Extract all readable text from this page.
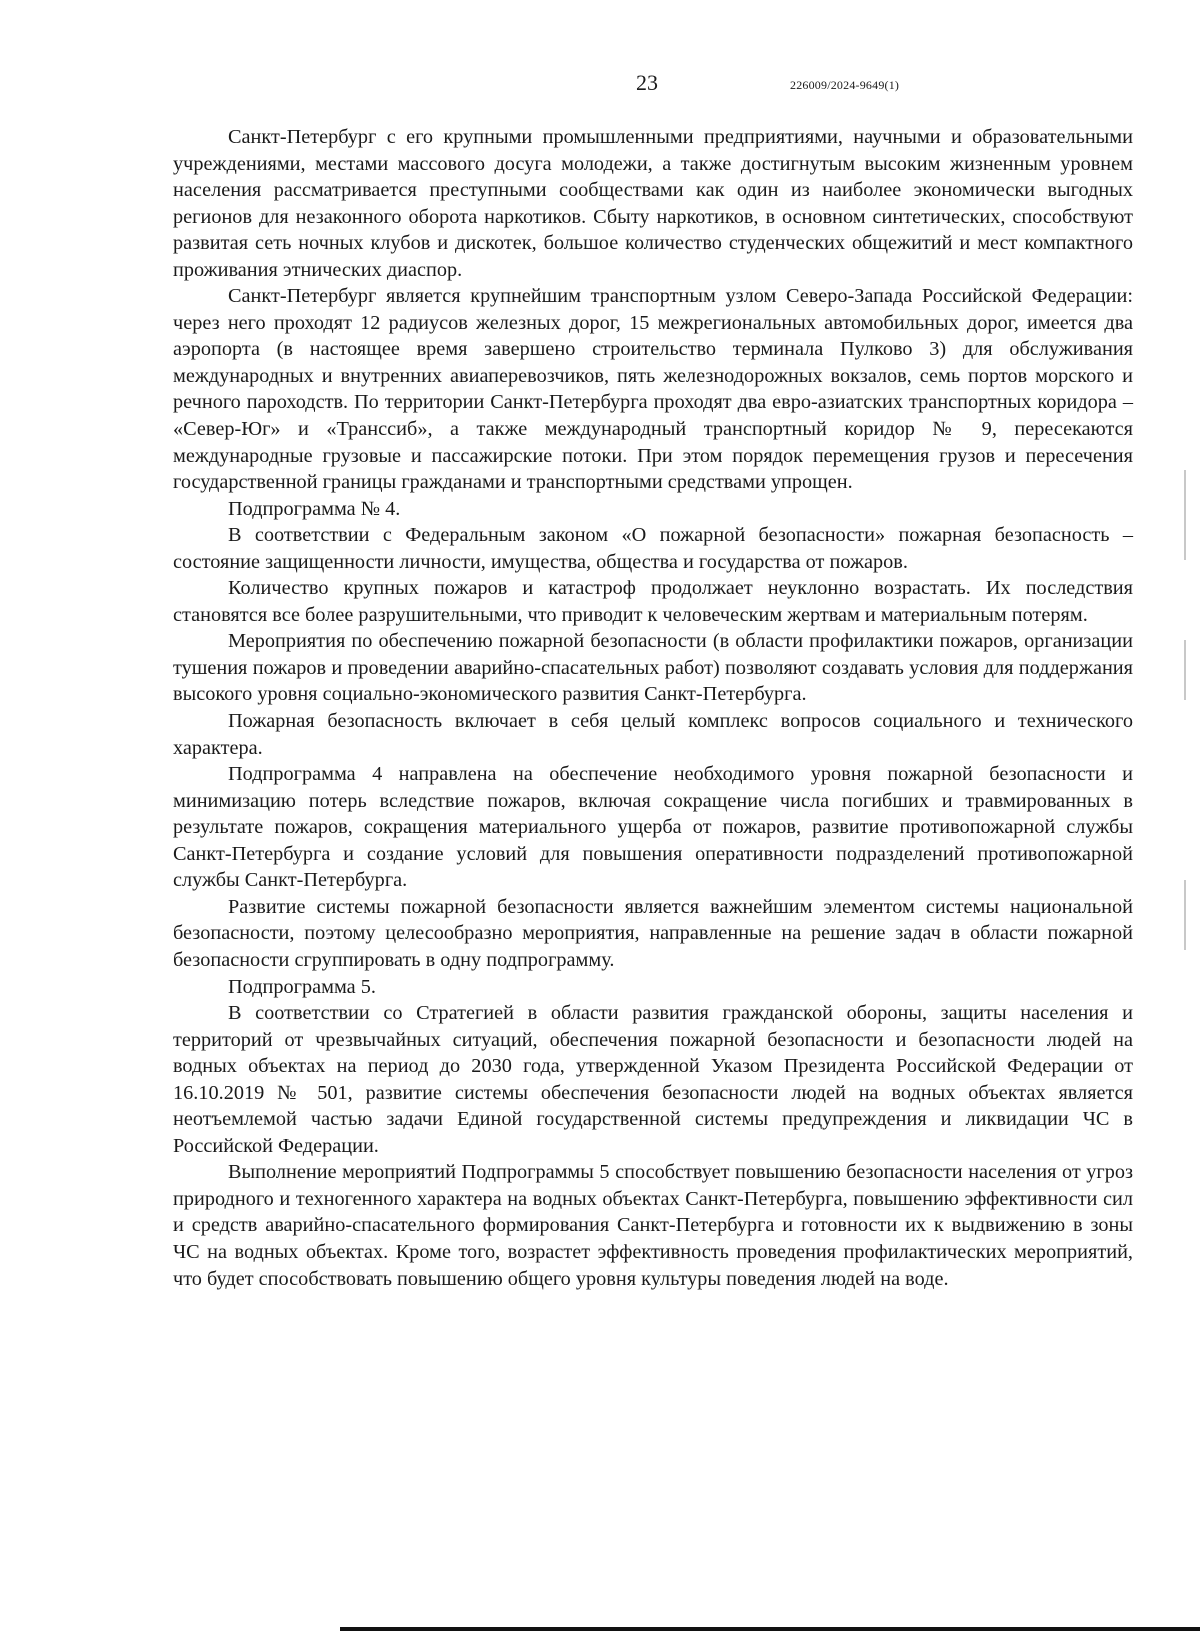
23	226009/2024-9649(1)

Санкт-Петербург с его крупными промышленными предприятиями, научными и образовательными учреждениями, местами массового досуга молодежи, а также достигнутым высоким жизненным уровнем населения рассматривается преступными сообществами как один из наиболее экономически выгодных регионов для незаконного оборота наркотиков. Сбыту наркотиков, в основном синтетических, способствуют развитая сеть ночных клубов и дискотек, большое количество студенческих общежитий и мест компактного проживания этнических диаспор.

Санкт-Петербург является крупнейшим транспортным узлом Северо-Запада Российской Федерации: через него проходят 12 радиусов железных дорог, 15 межрегиональных автомобильных дорог, имеется два аэропорта (в настоящее время завершено строительство терминала Пулково 3) для обслуживания международных и внутренних авиаперевозчиков, пять железнодорожных вокзалов, семь портов морского и речного пароходств. По территории Санкт-Петербурга проходят два евро-азиатских транспортных коридора – «Север-Юг» и «Транссиб», а также международный транспортный коридор № 9, пересекаются международные грузовые и пассажирские потоки. При этом порядок перемещения грузов и пересечения государственной границы гражданами и транспортными средствами упрощен.

Подпрограмма № 4.

В соответствии с Федеральным законом «О пожарной безопасности» пожарная безопасность – состояние защищенности личности, имущества, общества и государства от пожаров.

Количество крупных пожаров и катастроф продолжает неуклонно возрастать. Их последствия становятся все более разрушительными, что приводит к человеческим жертвам и материальным потерям.

Мероприятия по обеспечению пожарной безопасности (в области профилактики пожаров, организации тушения пожаров и проведении аварийно-спасательных работ) позволяют создавать условия для поддержания высокого уровня социально-экономического развития Санкт-Петербурга.

Пожарная безопасность включает в себя целый комплекс вопросов социального и технического характера.

Подпрограмма 4 направлена на обеспечение необходимого уровня пожарной безопасности и минимизацию потерь вследствие пожаров, включая сокращение числа погибших и травмированных в результате пожаров, сокращения материального ущерба от пожаров, развитие противопожарной службы Санкт-Петербурга и создание условий для повышения оперативности подразделений противопожарной службы Санкт-Петербурга.

Развитие системы пожарной безопасности является важнейшим элементом системы национальной безопасности, поэтому целесообразно мероприятия, направленные на решение задач в области пожарной безопасности сгруппировать в одну подпрограмму.

Подпрограмма 5.

В соответствии со Стратегией в области развития гражданской обороны, защиты населения и территорий от чрезвычайных ситуаций, обеспечения пожарной безопасности и безопасности людей на водных объектах на период до 2030 года, утвержденной Указом Президента Российской Федерации от 16.10.2019 № 501, развитие системы обеспечения безопасности людей на водных объектах является неотъемлемой частью задачи Единой государственной системы предупреждения и ликвидации ЧС в Российской Федерации.

Выполнение мероприятий Подпрограммы 5 способствует повышению безопасности населения от угроз природного и техногенного характера на водных объектах Санкт-Петербурга, повышению эффективности сил и средств аварийно-спасательного формирования Санкт-Петербурга и готовности их к выдвижению в зоны ЧС на водных объектах. Кроме того, возрастет эффективность проведения профилактических мероприятий, что будет способствовать повышению общего уровня культуры поведения людей на воде.
